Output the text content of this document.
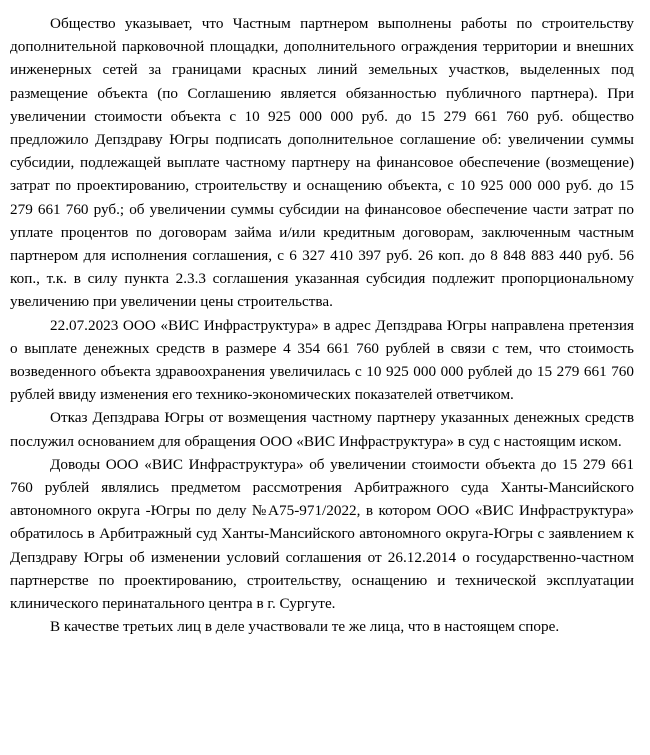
Общество указывает, что Частным партнером выполнены работы по строительству дополнительной парковочной площадки, дополнительного ограждения территории и внешних инженерных сетей за границами красных линий земельных участков, выделенных под размещение объекта (по Соглашению является обязанностью публичного партнера). При увеличении стоимости объекта с 10 925 000 000 руб. до 15 279 661 760 руб. общество предложило Депздраву Югры подписать дополнительное соглашение об: увеличении суммы субсидии, подлежащей выплате частному партнеру на финансовое обеспечение (возмещение) затрат по проектированию, строительству и оснащению объекта, с 10 925 000 000 руб. до 15 279 661 760 руб.; об увеличении суммы субсидии на финансовое обеспечение части затрат по уплате процентов по договорам займа и/или кредитным договорам, заключенным частным партнером для исполнения соглашения, с 6 327 410 397 руб. 26 коп. до 8 848 883 440 руб. 56 коп., т.к. в силу пункта 2.3.3 соглашения указанная субсидия подлежит пропорциональному увеличению при увеличении цены строительства.

22.07.2023 ООО «ВИС Инфраструктура» в адрес Депздрава Югры направлена претензия о выплате денежных средств в размере 4 354 661 760 рублей в связи с тем, что стоимость возведенного объекта здравоохранения увеличилась с 10 925 000 000 рублей до 15 279 661 760 рублей ввиду изменения его технико-экономических показателей ответчиком.

Отказ Депздрава Югры от возмещения частному партнеру указанных денежных средств послужил основанием для обращения ООО «ВИС Инфраструктура» в суд с настоящим иском.

Доводы ООО «ВИС Инфраструктура» об увеличении стоимости объекта до 15 279 661 760 рублей являлись предметом рассмотрения Арбитражного суда Ханты-Мансийского автономного округа -Югры по делу №А75-971/2022, в котором ООО «ВИС Инфраструктура» обратилось в Арбитражный суд Ханты-Мансийского автономного округа-Югры с заявлением к Депздраву Югры об изменении условий соглашения от 26.12.2014 о государственно-частном партнерстве по проектированию, строительству, оснащению и технической эксплуатации клинического перинатального центра в г. Сургуте.

В качестве третьих лиц в деле участвовали те же лица, что в настоящем споре.
